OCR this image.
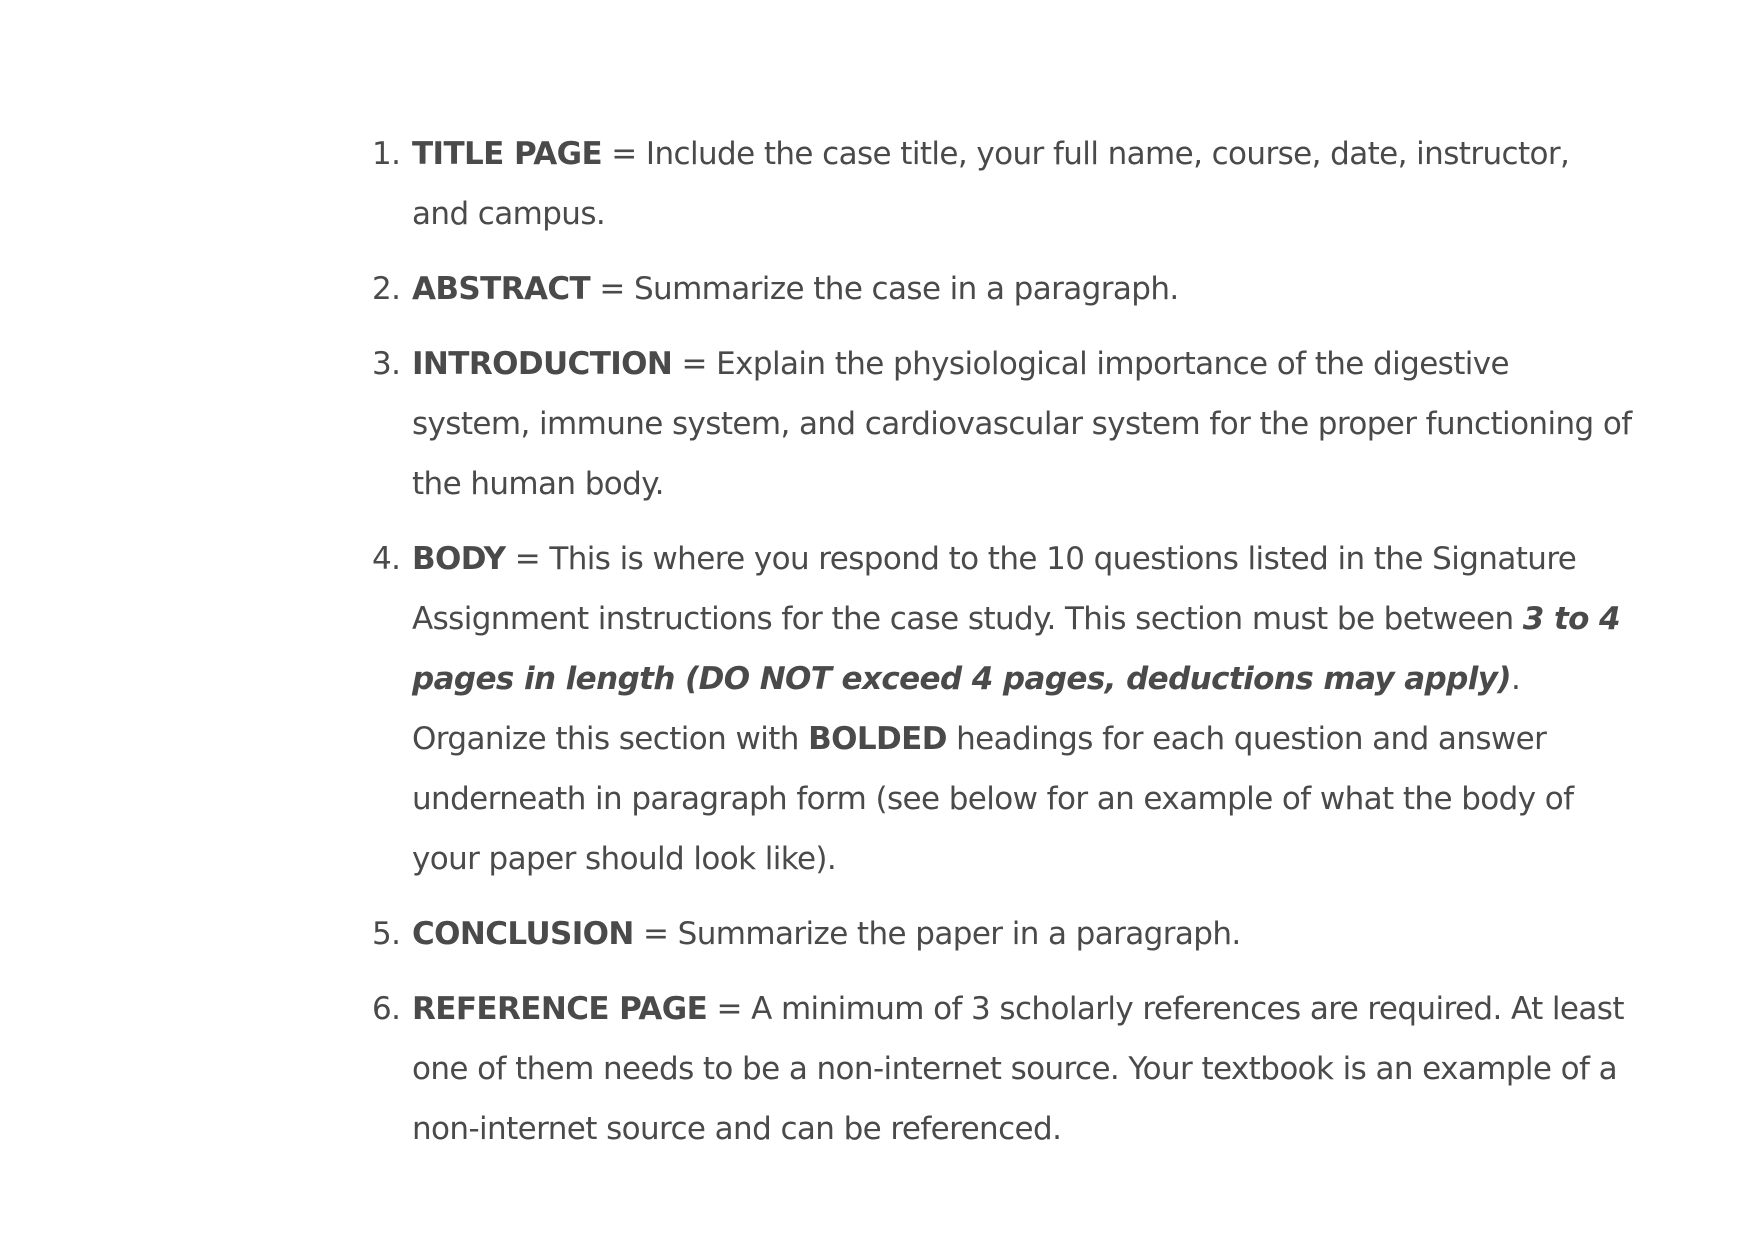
1. TITLE PAGE = Include the case title, your full name, course, date, instructor, and campus.
2. ABSTRACT = Summarize the case in a paragraph.
3. INTRODUCTION = Explain the physiological importance of the digestive system, immune system, and cardiovascular system for the proper functioning of the human body.
4. BODY = This is where you respond to the 10 questions listed in the Signature Assignment instructions for the case study. This section must be between 3 to 4 pages in length (DO NOT exceed 4 pages, deductions may apply). Organize this section with BOLDED headings for each question and answer underneath in paragraph form (see below for an example of what the body of your paper should look like).
5. CONCLUSION = Summarize the paper in a paragraph.
6. REFERENCE PAGE = A minimum of 3 scholarly references are required. At least one of them needs to be a non-internet source. Your textbook is an example of a non-internet source and can be referenced.
